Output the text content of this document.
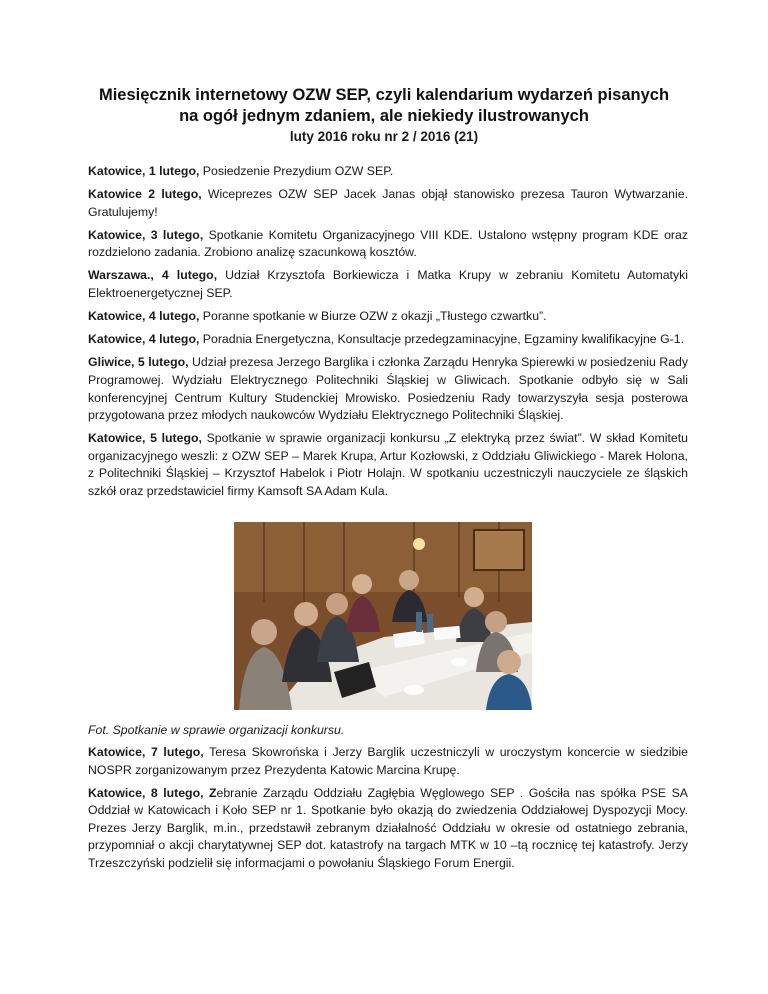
Miesięcznik internetowy OZW SEP, czyli kalendarium wydarzeń pisanych
na ogół jednym zdaniem, ale niekiedy ilustrowanych
luty 2016 roku nr 2 / 2016 (21)

Katowice, 1 lutego, Posiedzenie Prezydium OZW SEP.

Katowice 2 lutego, Wiceprezes OZW SEP Jacek Janas objął stanowisko prezesa Tauron Wytwarzanie. Gratulujemy!

Katowice, 3 lutego, Spotkanie Komitetu Organizacyjnego VIII KDE. Ustalono wstępny program KDE oraz rozdzielono zadania. Zrobiono analizę szacunkową kosztów.

Warszawa., 4 lutego, Udział Krzysztofa Borkiewicza i Matka Krupy w zebraniu Komitetu Automatyki Elektroenergetycznej SEP.

Katowice, 4 lutego, Poranne spotkanie w Biurze OZW z okazji „Tłustego czwartku”.

Katowice, 4 lutego, Poradnia Energetyczna, Konsultacje przedegzaminacyjne, Egzaminy kwalifikacyjne G-1.

Gliwice, 5 lutego, Udział prezesa Jerzego Barglika i członka Zarządu Henryka Spierewki w posiedzeniu Rady Programowej. Wydziału Elektrycznego Politechniki Śląskiej w Gliwicach. Spotkanie odbyło się w Sali konferencyjnej Centrum Kultury Studenckiej Mrowisko. Posiedzeniu Rady towarzyszyła sesja posterowa przygotowana przez młodych naukowców Wydziału Elektrycznego Politechniki Śląskiej.

Katowice, 5 lutego, Spotkanie w sprawie organizacji konkursu „Z elektryką przez świat”. W skład Komitetu organizacyjnego weszli: z OZW SEP – Marek Krupa, Artur Kozłowski, z Oddziału Gliwickiego - Marek Holona, z Politechniki Śląskiej – Krzysztof Habelok i Piotr Holajn. W spotkaniu uczestniczyli nauczyciele ze śląskich szkół oraz przedstawiciel firmy Kamsoft SA Adam Kula.

Fot. Spotkanie w sprawie organizacji konkursu.

Katowice, 7 lutego, Teresa Skowrońska i Jerzy Barglik uczestniczyli w uroczystym koncercie w siedzibie NOSPR zorganizowanym przez Prezydenta Katowic Marcina Krupę.

Katowice, 8 lutego, Zebranie Zarządu Oddziału Zagłębia Węglowego SEP . Gościła nas spółka PSE SA Oddział w Katowicach i Koło SEP nr 1. Spotkanie było okazją do zwiedzenia Oddziałowej Dyspozycji Mocy. Prezes Jerzy Barglik, m.in., przedstawił zebranym działalność Oddziału w okresie od ostatniego zebrania, przypomniał o akcji charytatywnej SEP dot. katastrofy na targach MTK w 10 –tą rocznicę tej katastrofy. Jerzy Trzeszczyński podzielił się informacjami o powołaniu Śląskiego Forum Energii.
